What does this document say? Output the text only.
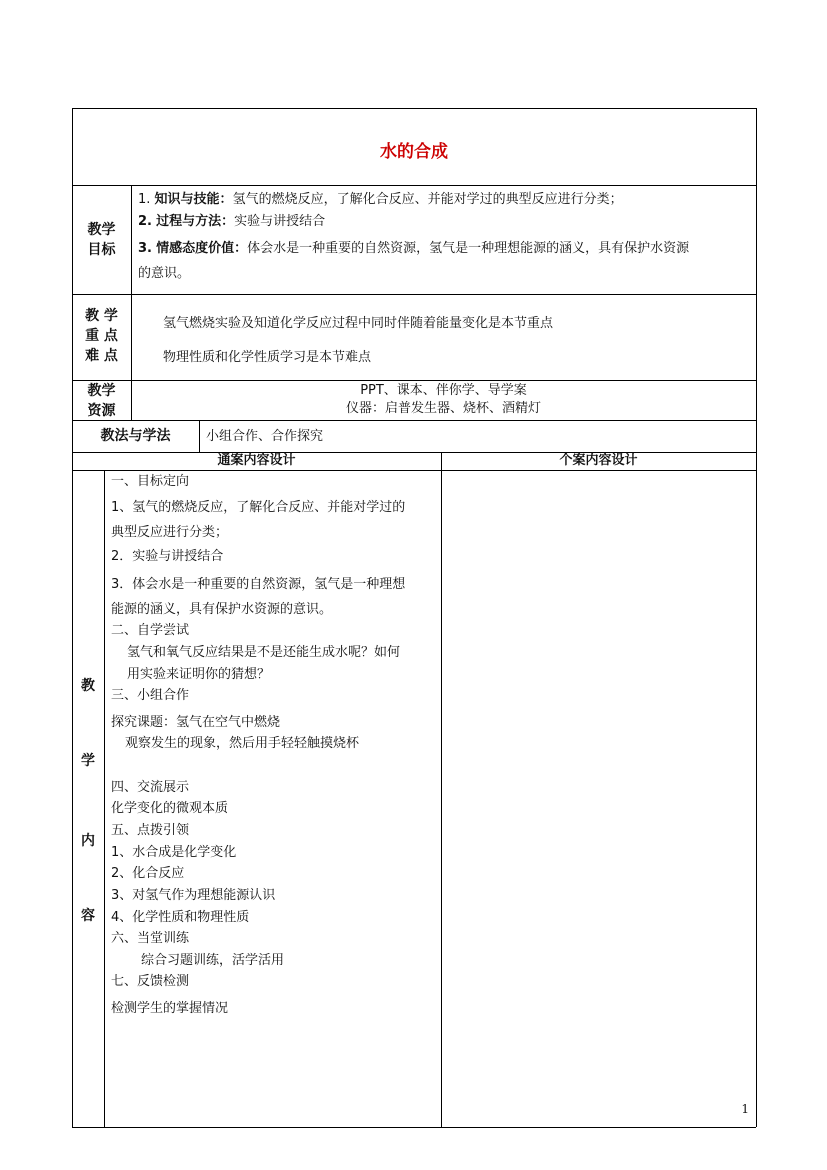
水的合成
教学
目标
1. 知识与技能：氢气的燃烧反应，了解化合反应、并能对学过的典型反应进行分类；
2. 过程与方法：实验与讲授结合
3. 情感态度价值：体会水是一种重要的自然资源，氢气是一种理想能源的涵义，具有保护水资源
的意识。
教 学
重 点
难 点
氢气燃烧实验及知道化学反应过程中同时伴随着能量变化是本节重点
物理性质和化学性质学习是本节难点
教学
资源
PPT、课本、伴你学、导学案
仪器：启普发生器、烧杯、酒精灯
教法与学法	小组合作、合作探究
通案内容设计	个案内容设计
教
学
内
容
一、目标定向
1、氢气的燃烧反应，了解化合反应、并能对学过的
典型反应进行分类；
2．实验与讲授结合
3．体会水是一种重要的自然资源，氢气是一种理想
能源的涵义，具有保护水资源的意识。
二、自学尝试
氢气和氧气反应结果是不是还能生成水呢？如何
用实验来证明你的猜想？
三、小组合作
探究课题：氢气在空气中燃烧
观察发生的现象，然后用手轻轻触摸烧杯
四、交流展示
化学变化的微观本质
五、点拨引领
1、水合成是化学变化
2、化合反应
3、对氢气作为理想能源认识
4、化学性质和物理性质
六、当堂训练
综合习题训练，活学活用
七、反馈检测
检测学生的掌握情况
1
